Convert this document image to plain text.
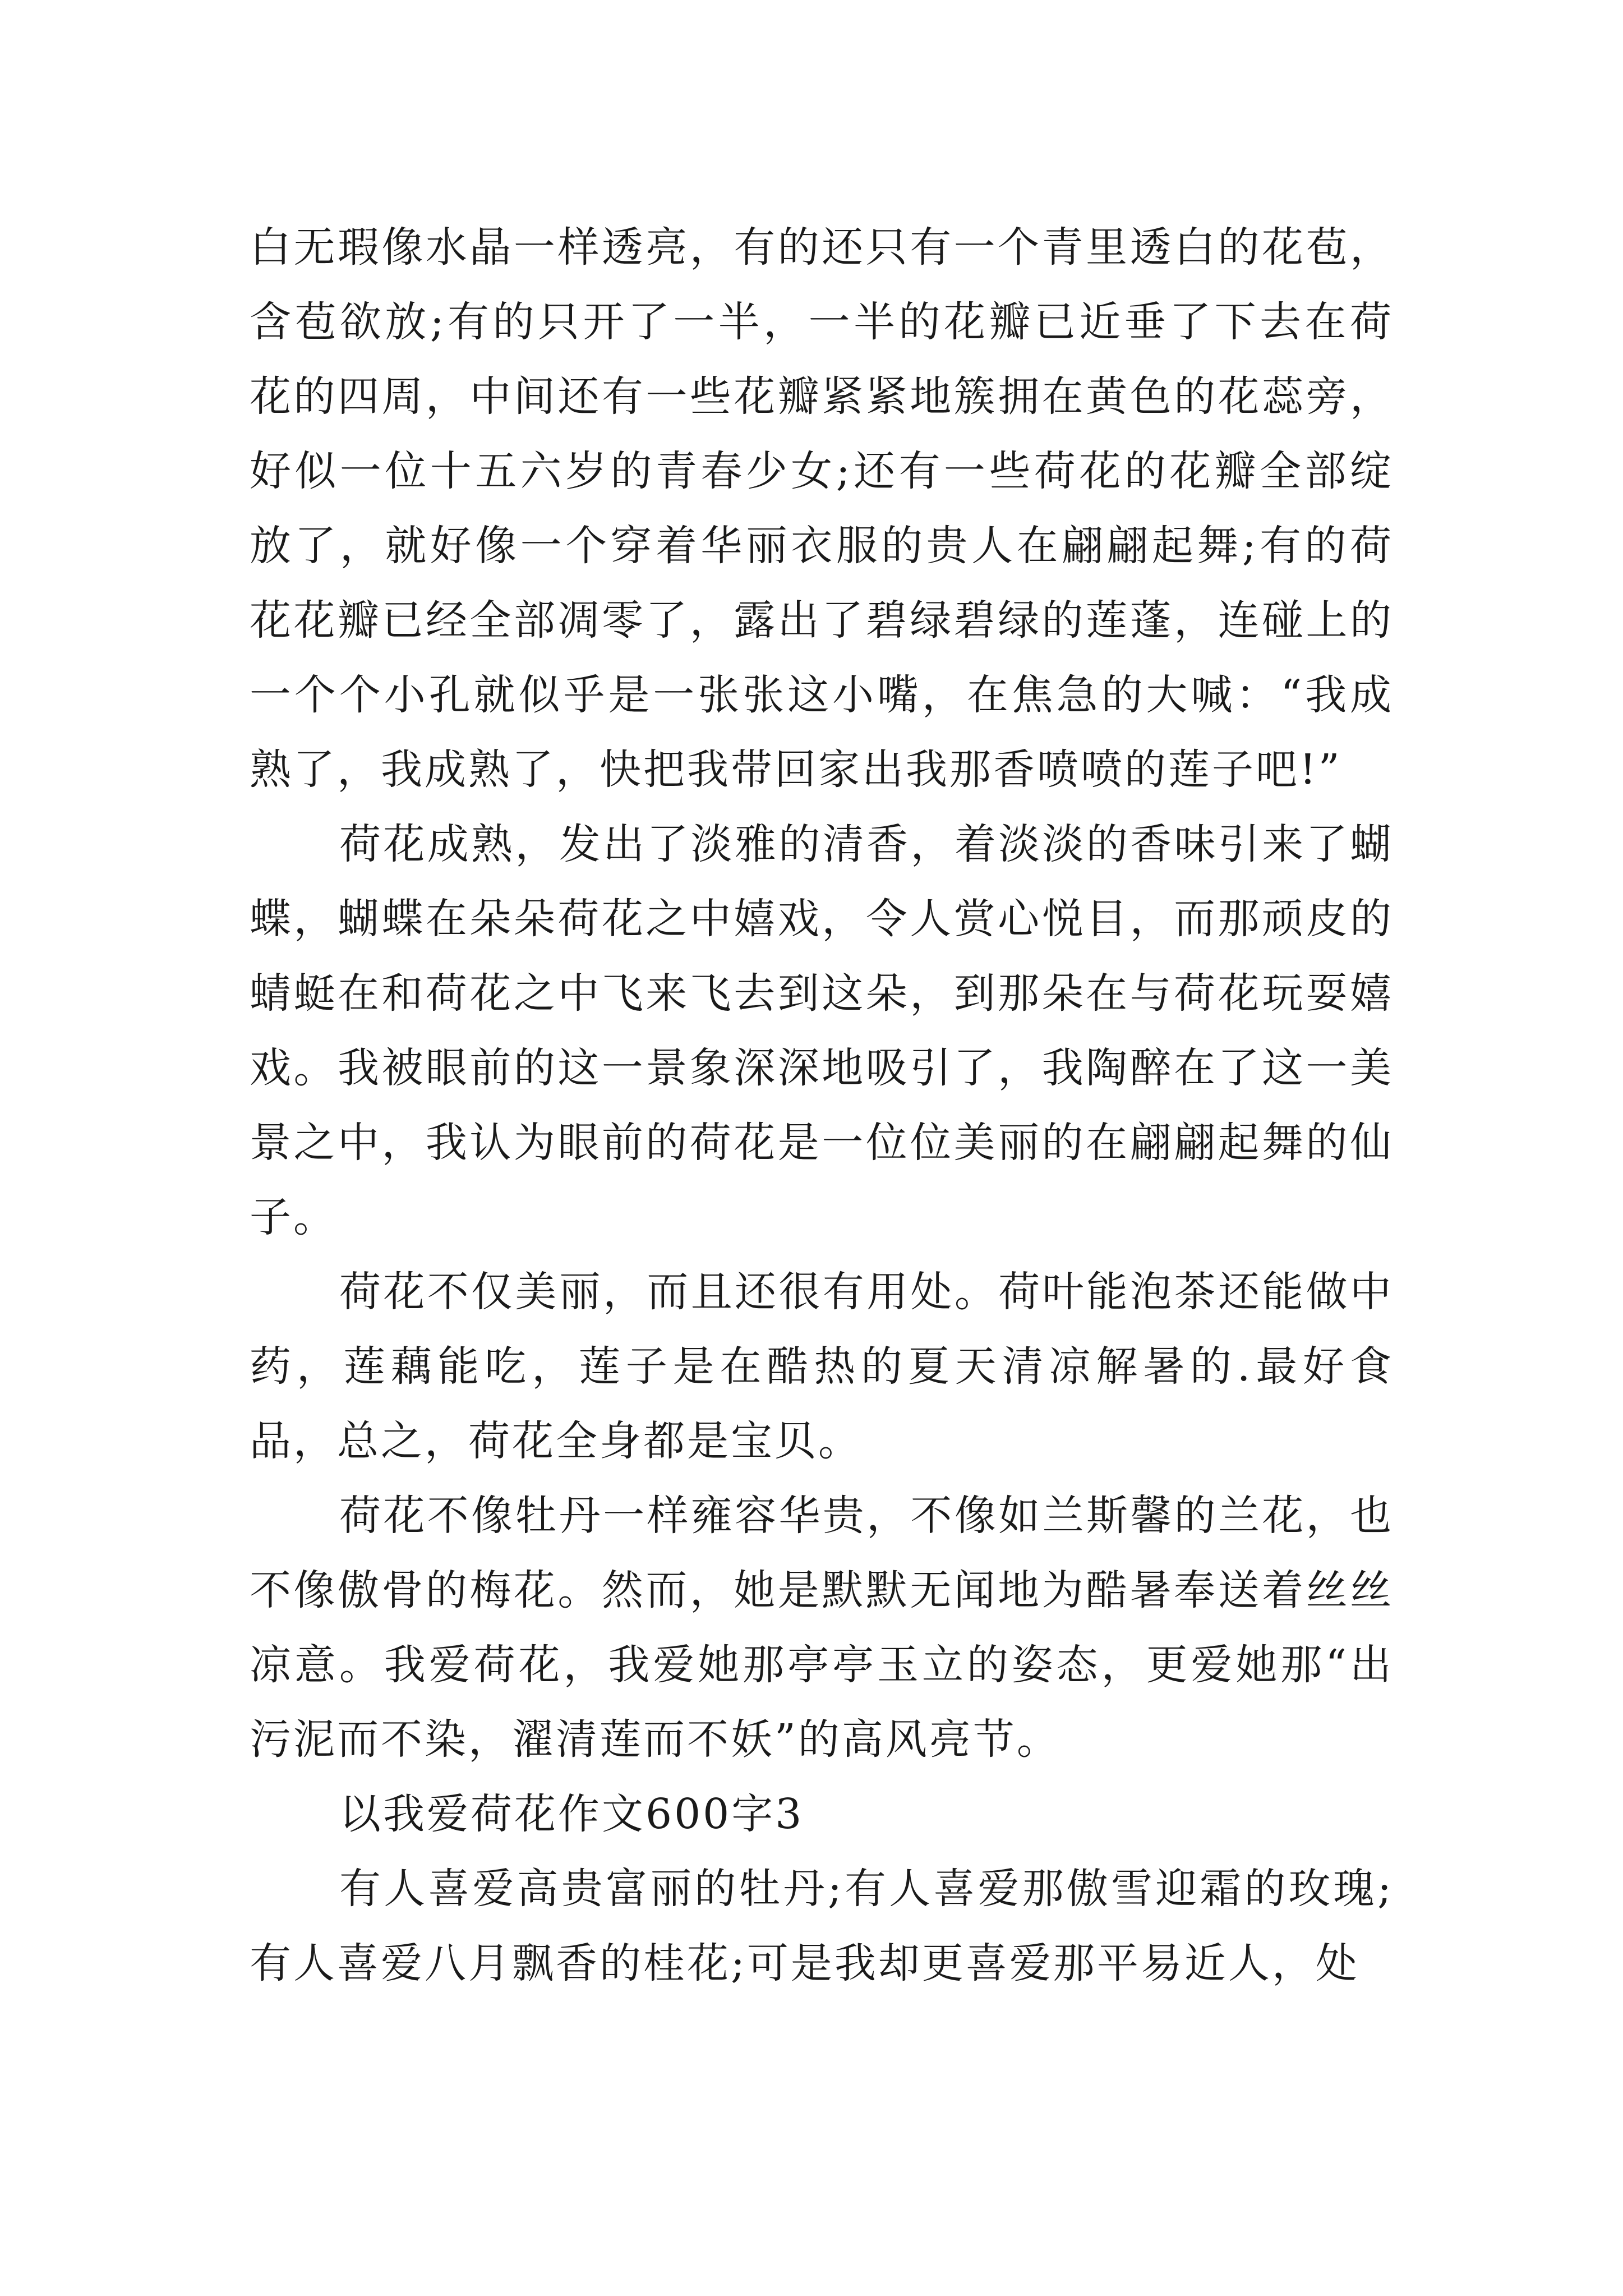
白无瑕像水晶一样透亮，有的还只有一个青里透白的花苞，含苞欲放;有的只开了一半，一半的花瓣已近垂了下去在荷花的四周，中间还有一些花瓣紧紧地簇拥在黄色的花蕊旁，好似一位十五六岁的青春少女;还有一些荷花的花瓣全部绽放了，就好像一个穿着华丽衣服的贵人在翩翩起舞;有的荷花花瓣已经全部凋零了，露出了碧绿碧绿的莲蓬，连碰上的一个个小孔就似乎是一张张这小嘴，在焦急的大喊：“我成熟了，我成熟了，快把我带回家出我那香喷喷的莲子吧!”

荷花成熟，发出了淡雅的清香，着淡淡的香味引来了蝴蝶，蝴蝶在朵朵荷花之中嬉戏，令人赏心悦目，而那顽皮的蜻蜓在和荷花之中飞来飞去到这朵，到那朵在与荷花玩耍嬉戏。我被眼前的这一景象深深地吸引了，我陶醉在了这一美景之中，我认为眼前的荷花是一位位美丽的在翩翩起舞的仙子。

荷花不仅美丽，而且还很有用处。荷叶能泡茶还能做中药，莲藕能吃，莲子是在酷热的夏天清凉解暑的.最好食品，总之，荷花全身都是宝贝。

荷花不像牡丹一样雍容华贵，不像如兰斯馨的兰花，也不像傲骨的梅花。然而，她是默默无闻地为酷暑奉送着丝丝凉意。我爱荷花，我爱她那亭亭玉立的姿态，更爱她那“出污泥而不染，濯清莲而不妖”的高风亮节。

以我爱荷花作文600字3

有人喜爱高贵富丽的牡丹;有人喜爱那傲雪迎霜的玫瑰;有人喜爱八月飘香的桂花;可是我却更喜爱那平易近人，处
